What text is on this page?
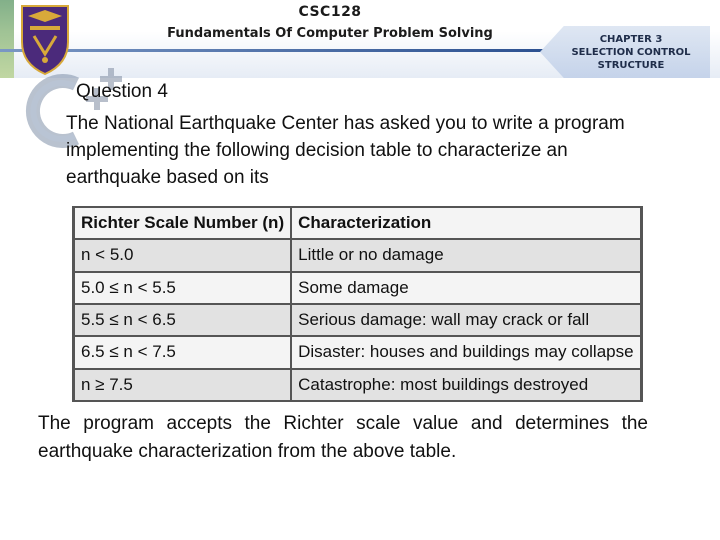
CSC128
Fundamentals Of Computer Problem Solving	CHAPTER 3
SELECTION CONTROL
STRUCTURE
Question 4
The National Earthquake Center has asked you to write a program implementing the following decision table to characterize an earthquake based on its
	Richter Scale Number (n)	Characterization	
	n < 5.0	Little or no damage	
	5.0 ≤ n < 5.5	Some damage	
	5.5 ≤ n < 6.5	Serious damage: wall may crack or fall	
	6.5 ≤ n < 7.5	Disaster: houses and buildings may collapse	
	n ≥ 7.5	Catastrophe: most buildings destroyed	
The program accepts the Richter scale value and determines the earthquake characterization from the above table.
